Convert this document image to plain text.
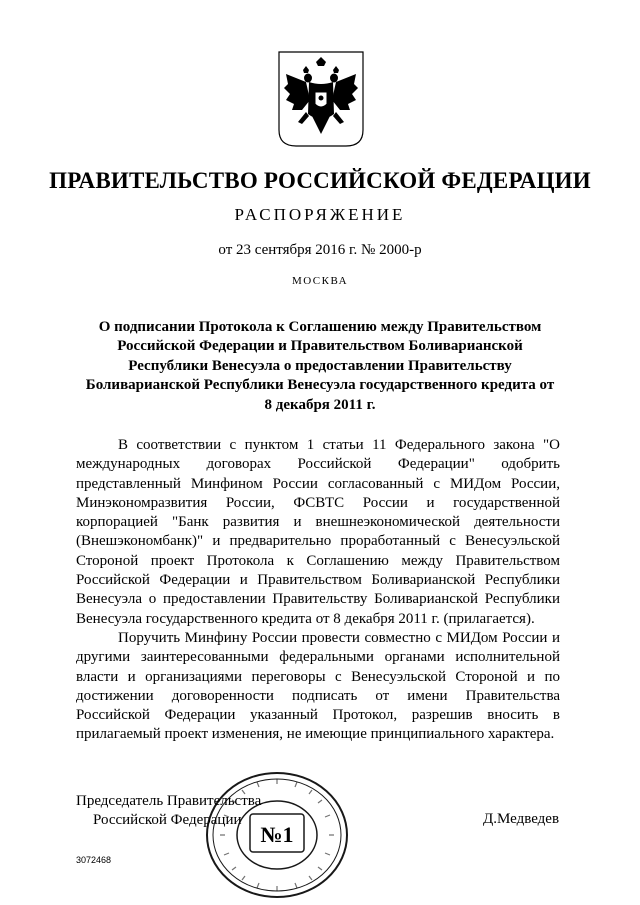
ПРАВИТЕЛЬСТВО РОССИЙСКОЙ ФЕДЕРАЦИИ
РАСПОРЯЖЕНИЕ
от 23 сентября 2016 г. № 2000-р
МОСКВА
О подписании Протокола к Соглашению между Правительством Российской Федерации и Правительством Боливарианской Республики Венесуэла о предоставлении Правительству Боливарианской Республики Венесуэла государственного кредита от 8 декабря 2011 г.

В соответствии с пунктом 1 статьи 11 Федерального закона "О международных договорах Российской Федерации" одобрить представленный Минфином России согласованный с МИДом России, Минэкономразвития России, ФСВТС России и государственной корпорацией "Банк развития и внешнеэкономической деятельности (Внешэкономбанк)" и предварительно проработанный с Венесуэльской Стороной проект Протокола к Соглашению между Правительством Российской Федерации и Правительством Боливарианской Республики Венесуэла о предоставлении Правительству Боливарианской Республики Венесуэла государственного кредита от 8 декабря 2011 г. (прилагается).

Поручить Минфину России провести совместно с МИДом России и другими заинтересованными федеральными органами исполнительной власти и организациями переговоры с Венесуэльской Стороной и по достижении договоренности подписать от имени Правительства Российской Федерации указанный Протокол, разрешив вносить в прилагаемый проект изменения, не имеющие принципиального характера.

Председатель Правительства
Российской Федерации	Д.Медведев
№1
3072468
